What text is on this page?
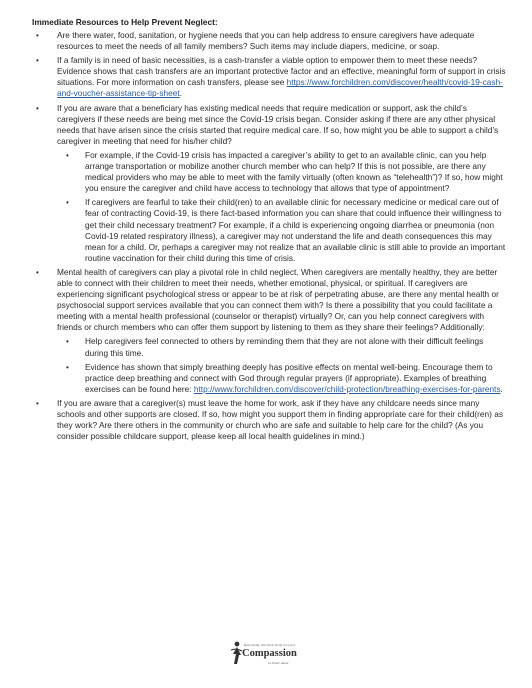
Immediate Resources to Help Prevent Neglect:
• Are there water, food, sanitation, or hygiene needs that you can help address to ensure caregivers have adequate resources to meet the needs of all family members? Such items may include diapers, medicine, or soap.
• If a family is in need of basic necessities, is a cash-transfer a viable option to empower them to meet these needs? Evidence shows that cash transfers are an important protective factor and an effective, meaningful form of support in crisis situations. For more information on cash transfers, please see https://www.forchildren.com/discover/health/covid-19-cash-and-voucher-assistance-tip-sheet.
• If you are aware that a beneficiary has existing medical needs that require medication or support, ask the child’s caregivers if these needs are being met since the Covid-19 crisis began. Consider asking if there are any other physical needs that have arisen since the crisis started that require medical care. If so, how might you be able to support a child’s caregiver in meeting that need for his/her child?
• For example, if the Covid-19 crisis has impacted a caregiver’s ability to get to an available clinic, can you help arrange transportation or mobilize another church member who can help? If this is not possible, are there any medical providers who may be able to meet with the family virtually (often known as “telehealth”)? If so, how might you ensure the caregiver and child have access to technology that allows that type of appointment?
• If caregivers are fearful to take their child(ren) to an available clinic for necessary medicine or medical care out of fear of contracting Covid-19, is there fact-based information you can share that could influence their willingness to get their child necessary treatment? For example, if a child is experiencing ongoing diarrhea or pneumonia (non Covid-19 related respiratory illness), a caregiver may not understand the life and death consequences this may mean for a child. Or, perhaps a caregiver may not realize that an available clinic is still able to provide an important routine vaccination for their child during this time of crisis.
• Mental health of caregivers can play a pivotal role in child neglect. When caregivers are mentally healthy, they are better able to connect with their children to meet their needs, whether emotional, physical, or spiritual. If caregivers are experiencing significant psychological stress or appear to be at risk of perpetrating abuse, are there any mental health or psychosocial support services available that you can connect them with? Is there a possibility that you could facilitate a meeting with a mental health professional (counselor or therapist) virtually? Or, can you help connect caregivers with friends or church members who can offer them support by listening to them as they share their feelings? Additionally:
• Help caregivers feel connected to others by reminding them that they are not alone with their difficult feelings during this time.
• Evidence has shown that simply breathing deeply has positive effects on mental well-being. Encourage them to practice deep breathing and connect with God through regular prayers (if appropriate). Examples of breathing exercises can be found here: http://www.forchildren.com/discover/child-protection/breathing-exercises-for-parents.
• If you are aware that a caregiver(s) must leave the home for work, ask if they have any childcare needs since many schools and other supports are closed. If so, how might you support them in finding appropriate care for their child(ren) as they work? Are there others in the community or church who are safe and suitable to help care for the child? (As you consider possible childcare support, please keep all local health guidelines in mind.)
Releasing children from poverty
Compassion
in Jesus' name
